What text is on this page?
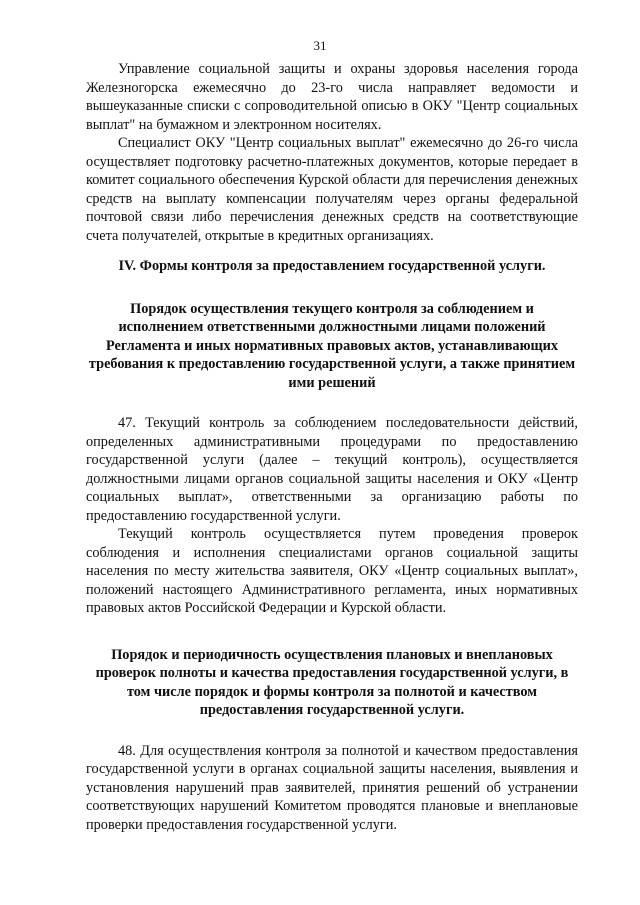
31

Управление социальной защиты и охраны здоровья населения города Железногорска ежемесячно до 23-го числа направляет ведомости и вышеуказанные списки с сопроводительной описью в ОКУ "Центр социальных выплат" на бумажном и электронном носителях.

Специалист ОКУ "Центр социальных выплат" ежемесячно до 26-го числа осуществляет подготовку расчетно-платежных документов, которые передает в комитет социального обеспечения Курской области для перечисления денежных средств на выплату компенсации получателям через органы федеральной почтовой связи либо перечисления денежных средств на соответствующие счета получателей, открытые в кредитных организациях.

IV. Формы контроля за предоставлением государственной услуги.
Порядок осуществления текущего контроля за соблюдением и исполнением ответственными должностными лицами положений Регламента и иных нормативных правовых актов, устанавливающих требования к предоставлению государственной услуги, а также принятием ими решений

47. Текущий контроль за соблюдением последовательности действий, определенных административными процедурами по предоставлению государственной услуги (далее – текущий контроль), осуществляется должностными лицами органов социальной защиты населения и ОКУ «Центр социальных выплат», ответственными за организацию работы по предоставлению государственной услуги.

Текущий контроль осуществляется путем проведения проверок соблюдения и исполнения специалистами органов социальной защиты населения по месту жительства заявителя, ОКУ «Центр социальных выплат», положений настоящего Административного регламента, иных нормативных правовых актов Российской Федерации и Курской области.

Порядок и периодичность осуществления плановых и внеплановых проверок полноты и качества предоставления государственной услуги, в том числе порядок и формы контроля за полнотой и качеством предоставления государственной услуги.

48. Для осуществления контроля за полнотой и качеством предоставления государственной услуги в органах социальной защиты населения, выявления и установления нарушений прав заявителей, принятия решений об устранении соответствующих нарушений Комитетом проводятся плановые и внеплановые проверки предоставления государственной услуги.
